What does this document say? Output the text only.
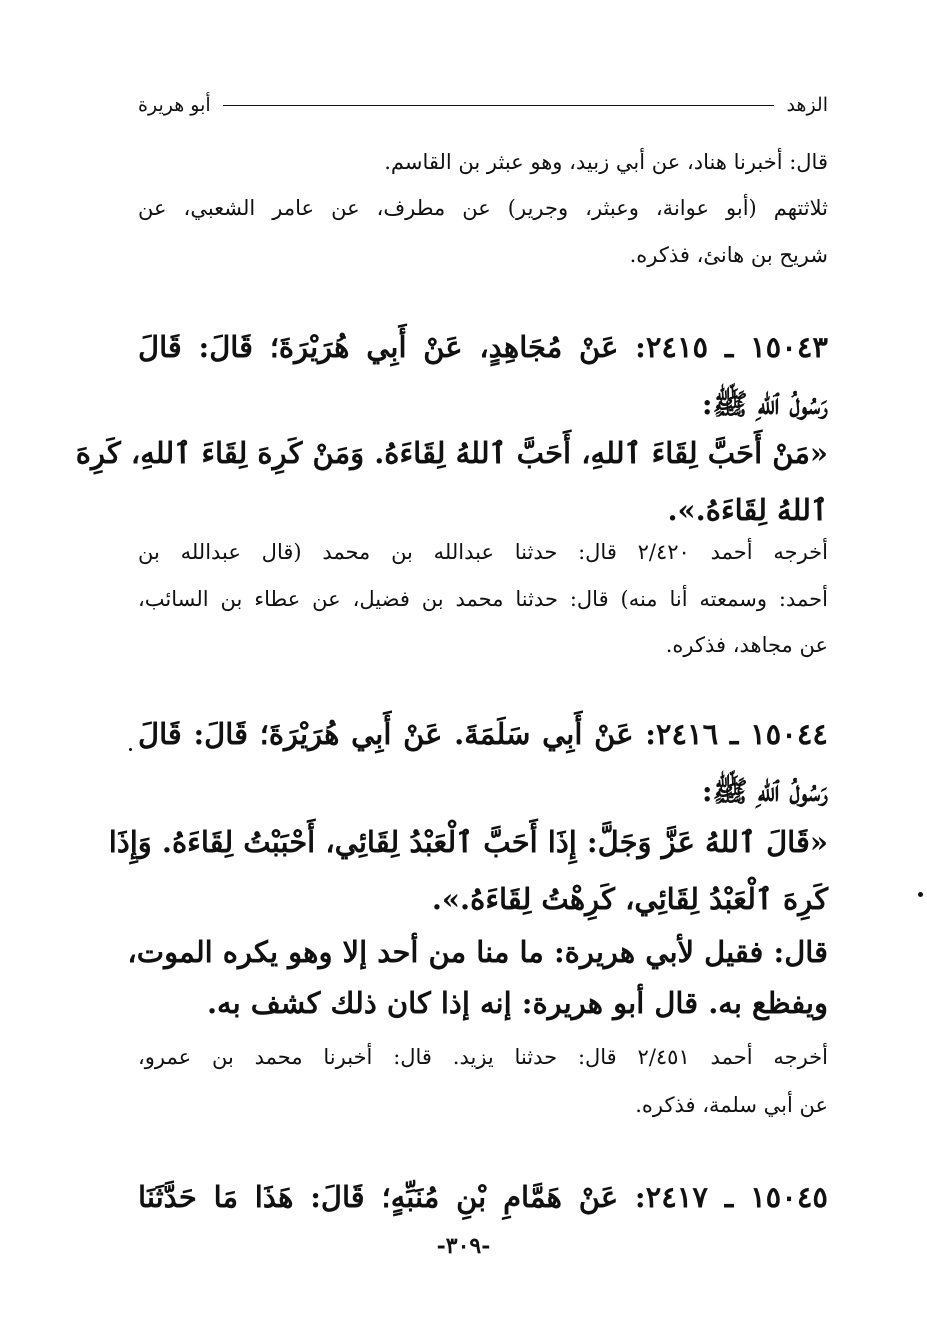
الزهد
أبو هريرة
قال: أخبرنا هناد، عن أبي زبيد، وهو عبثر بن القاسم.
ثلاثتهم (أبو عوانة، وعبثر، وجرير) عن مطرف، عن عامر الشعبي، عن
شريح بن هانئ، فذكره.
١٥٠٤٣ ـ ٢٤١٥: عَنْ مُجَاهِدٍ، عَنْ أَبِي هُرَيْرَةَ؛ قَالَ: قَالَ
رَسُولُ ٱللهِ ﷺ:
«مَنْ أَحَبَّ لِقَاءَ ٱللهِ، أَحَبَّ ٱللهُ لِقَاءَهُ. وَمَنْ كَرِهَ لِقَاءَ ٱللهِ، كَرِهَ
ٱللهُ لِقَاءَهُ.».
أخرجه أحمد ٢/٤٢٠ قال: حدثنا عبدالله بن محمد (قال عبدالله بن
أحمد: وسمعته أنا منه) قال: حدثنا محمد بن فضيل، عن عطاء بن السائب،
عن مجاهد، فذكره.
١٥٠٤٤ ـ ٢٤١٦: عَنْ أَبِي سَلَمَةَ. عَنْ أَبِي هُرَيْرَةَ؛ قَالَ: قَالَ
رَسُولُ ٱللهِ ﷺ:
«قَالَ ٱللهُ عَزَّ وَجَلَّ: إِذَا أَحَبَّ ٱلْعَبْدُ لِقَائِي، أَحْبَبْتُ لِقَاءَهُ. وَإِذَا
كَرِهَ ٱلْعَبْدُ لِقَائِي، كَرِهْتُ لِقَاءَهُ.».
قال: فقيل لأبي هريرة: ما منا من أحد إلا وهو يكره الموت،
ويفظع به. قال أبو هريرة: إنه إذا كان ذلك كشف به.
أخرجه أحمد ٢/٤٥١ قال: حدثنا يزيد. قال: أخبرنا محمد بن عمرو،
عن أبي سلمة، فذكره.
١٥٠٤٥ ـ ٢٤١٧: عَنْ هَمَّامِ بْنِ مُنَبِّهٍ؛ قَالَ: هَذَا مَا حَدَّثَنَا
-٣٠٩-
